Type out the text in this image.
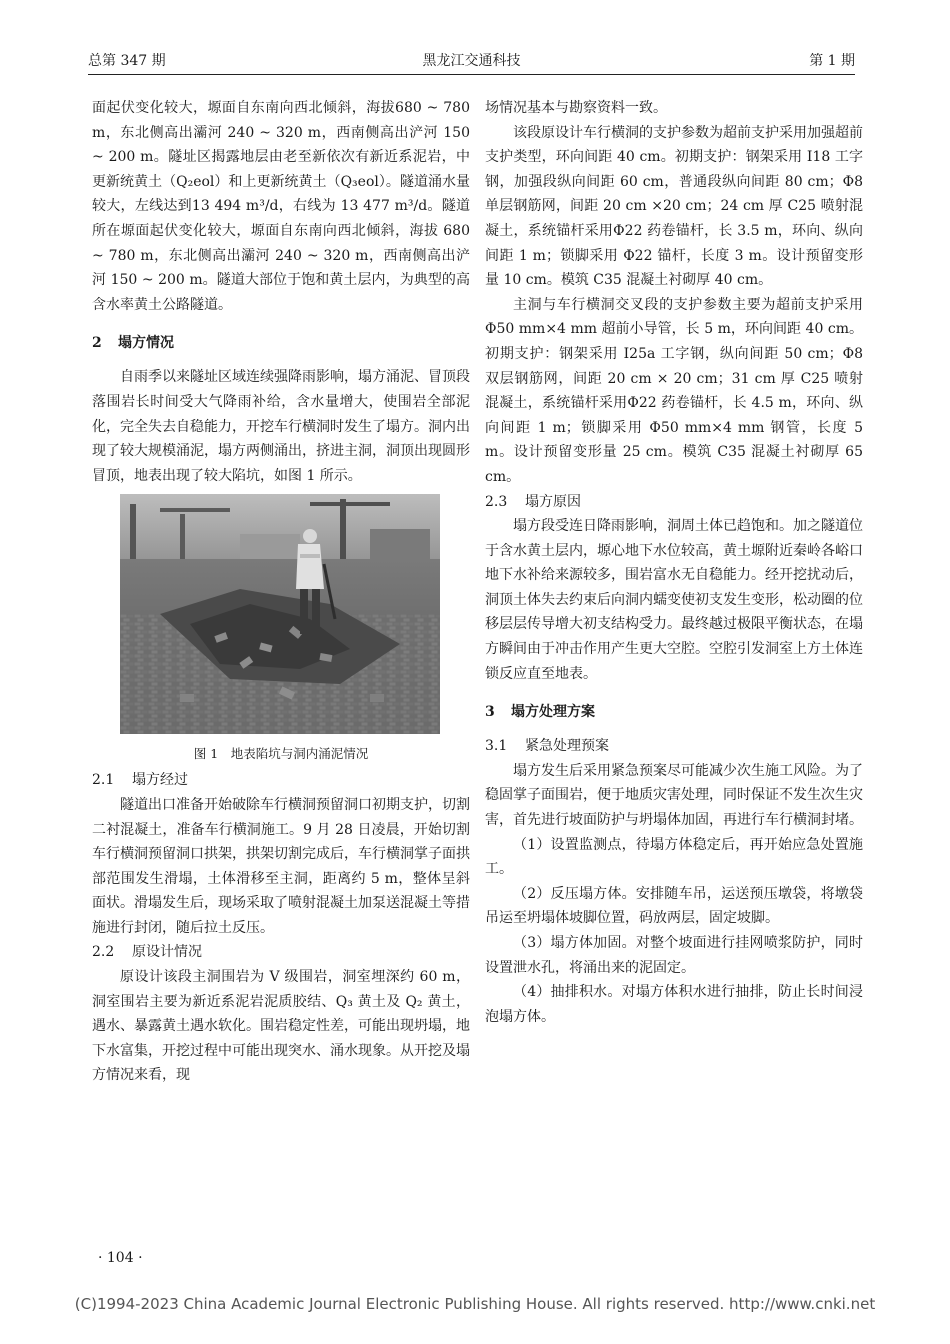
总第 347 期	黑龙江交通科技	第 1 期

面起伏变化较大，塬面自东南向西北倾斜，海拔680 ~ 780 m，东北侧高出灞河 240 ~ 320 m，西南侧高出浐河 150 ~ 200 m。隧址区揭露地层由老至新依次有新近系泥岩，中更新统黄土（Q₂eol）和上更新统黄土（Q₃eol）。隧道涌水量较大，左线达到13 494 m³/d，右线为 13 477 m³/d。隧道所在塬面起伏变化较大，塬面自东南向西北倾斜，海拔 680 ~ 780 m，东北侧高出灞河 240 ~ 320 m，西南侧高出浐河 150 ~ 200 m。隧道大部位于饱和黄土层内，为典型的高含水率黄土公路隧道。

2 塌方情况

自雨季以来隧址区域连续强降雨影响，塌方涌泥、冒顶段落围岩长时间受大气降雨补给，含水量增大，使围岩全部泥化，完全失去自稳能力，开挖车行横洞时发生了塌方。洞内出现了较大规模涌泥，塌方两侧涌出，挤进主洞，洞顶出现圆形冒顶，地表出现了较大陷坑，如图 1 所示。

图 1　地表陷坑与洞内涌泥情况
2.1 塌方经过

隧道出口准备开始破除车行横洞预留洞口初期支护，切割二衬混凝土，准备车行横洞施工。9 月 28 日凌晨，开始切割车行横洞预留洞口拱架，拱架切割完成后，车行横洞掌子面拱部范围发生滑塌，土体滑移至主洞，距离约 5 m，整体呈斜面状。滑塌发生后，现场采取了喷射混凝土加泵送混凝土等措施进行封闭，随后拉土反压。

2.2 原设计情况

原设计该段主洞围岩为 V 级围岩，洞室埋深约 60 m，洞室围岩主要为新近系泥岩泥质胶结、Q₃ 黄土及 Q₂ 黄土，遇水、暴露黄土遇水软化。围岩稳定性差，可能出现坍塌，地下水富集，开挖过程中可能出现突水、涌水现象。从开挖及塌方情况来看，现

场情况基本与勘察资料一致。

该段原设计车行横洞的支护参数为超前支护采用加强超前支护类型，环向间距 40 cm。初期支护：钢架采用 I18 工字钢，加强段纵向间距 60 cm，普通段纵向间距 80 cm；Φ8 单层钢筋网，间距 20 cm ×20 cm；24 cm 厚 C25 喷射混凝土，系统锚杆采用Φ22 药卷锚杆，长 3.5 m，环向、纵向间距 1 m；锁脚采用 Φ22 锚杆，长度 3 m。设计预留变形量 10 cm。模筑 C35 混凝土衬砌厚 40 cm。

主洞与车行横洞交叉段的支护参数主要为超前支护采用 Φ50 mm×4 mm 超前小导管，长 5 m，环向间距 40 cm。初期支护：钢架采用 I25a 工字钢，纵向间距 50 cm；Φ8 双层钢筋网，间距 20 cm × 20 cm；31 cm 厚 C25 喷射混凝土，系统锚杆采用Φ22 药卷锚杆，长 4.5 m，环向、纵向间距 1 m；锁脚采用 Φ50 mm×4 mm 钢管，长度 5 m。设计预留变形量 25 cm。模筑 C35 混凝土衬砌厚 65 cm。

2.3 塌方原因

塌方段受连日降雨影响，洞周土体已趋饱和。加之隧道位于含水黄土层内，塬心地下水位较高，黄土塬附近秦岭各峪口地下水补给来源较多，围岩富水无自稳能力。经开挖扰动后，洞顶土体失去约束后向洞内蠕变使初支发生变形，松动圈的位移层层传导增大初支结构受力。最终越过极限平衡状态，在塌方瞬间由于冲击作用产生更大空腔。空腔引发洞室上方土体连锁反应直至地表。

3 塌方处理方案
3.1 紧急处理预案

塌方发生后采用紧急预案尽可能减少次生施工风险。为了稳固掌子面围岩，便于地质灾害处理，同时保证不发生次生灾害，首先进行坡面防护与坍塌体加固，再进行车行横洞封堵。

（1）设置监测点，待塌方体稳定后，再开始应急处置施工。

（2）反压塌方体。安排随车吊，运送预压墩袋，将墩袋吊运至坍塌体坡脚位置，码放两层，固定坡脚。

（3）塌方体加固。对整个坡面进行挂网喷浆防护，同时设置泄水孔，将涌出来的泥固定。

（4）抽排积水。对塌方体积水进行抽排，防止长时间浸泡塌方体。

· 104 ·
(C)1994-2023 China Academic Journal Electronic Publishing House. All rights reserved. http://www.cnki.net
